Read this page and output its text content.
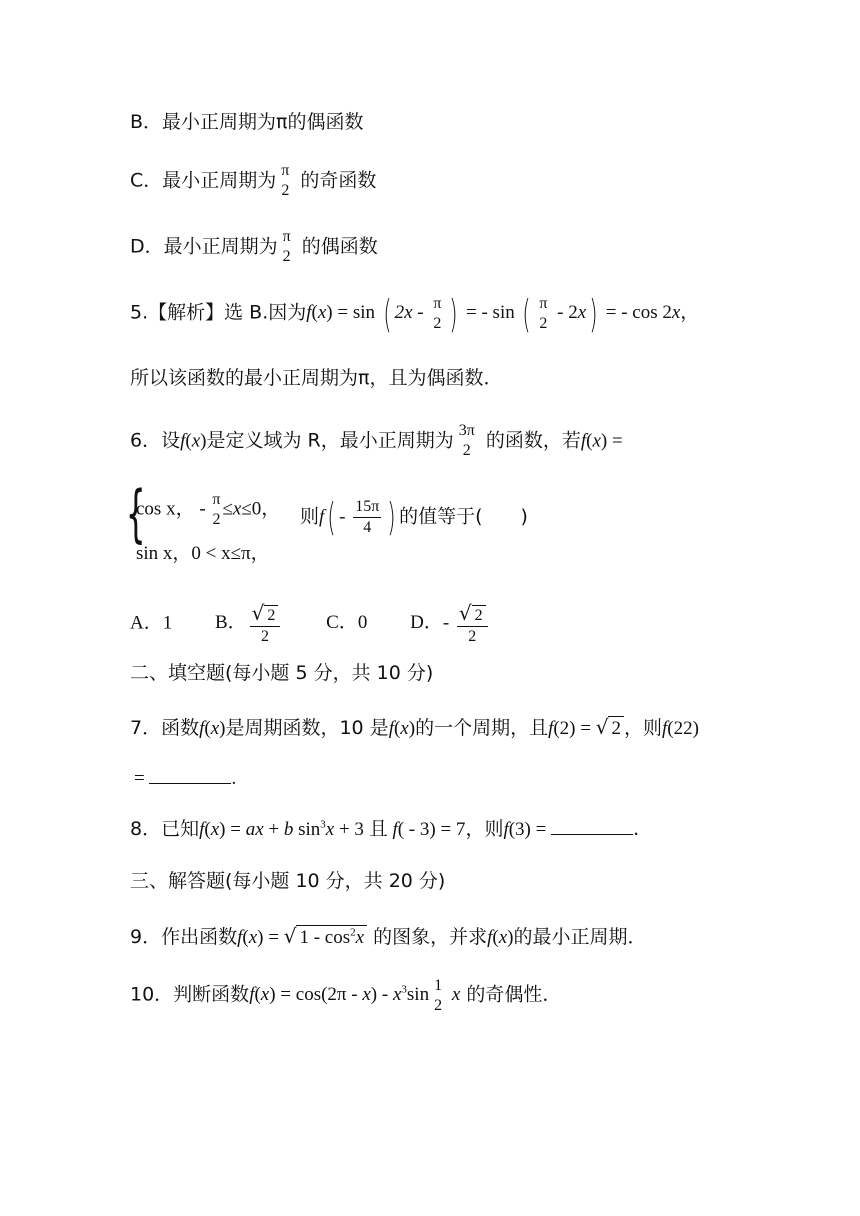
B．最小正周期为π的偶函数
C．最小正周期为 π
2 的奇函数
D．最小正周期为 π
2 的偶函数
5.【解析】选 B.因为f(x) = sin ( 2x - π
2 ) = - sin ( π
2
- 2x) = - cos 2x，
所以该函数的最小正周期为π，且为偶函数．
6．设f(x)是定义域为 R，最小正周期为 3π
2 的函数，若f(x) =
{
cos x， - π
2
≤x≤0，
sin x，0 < x≤π，
则$f( - \frac{15\pi}{4}$ ) 的值等于(　　)
A．1 B． $\frac{√ 2}{2}$ C．0 D．- $\frac{√ 2}{2}$
二、填空题(每小题 5 分，共 10 分)
7．函数f(x)是周期函数，10 是f(x)的一个周期，且f(2) = √ 2 ，则f(22)
=	.
8．已知f(x) = ax + b $\sin^3x + 3$ 且 f( - 3) = 7，则f(3) =	.
三、解答题(每小题 10 分，共 20 分)
9．作出函数f(x) = √ $1 - \cos^2x$ 的图象，并求f(x)的最小正周期．
10．判断函数$f(x) = \cos(2\pi - x) - x^3\sin$ 1
2
x 的奇偶性．
